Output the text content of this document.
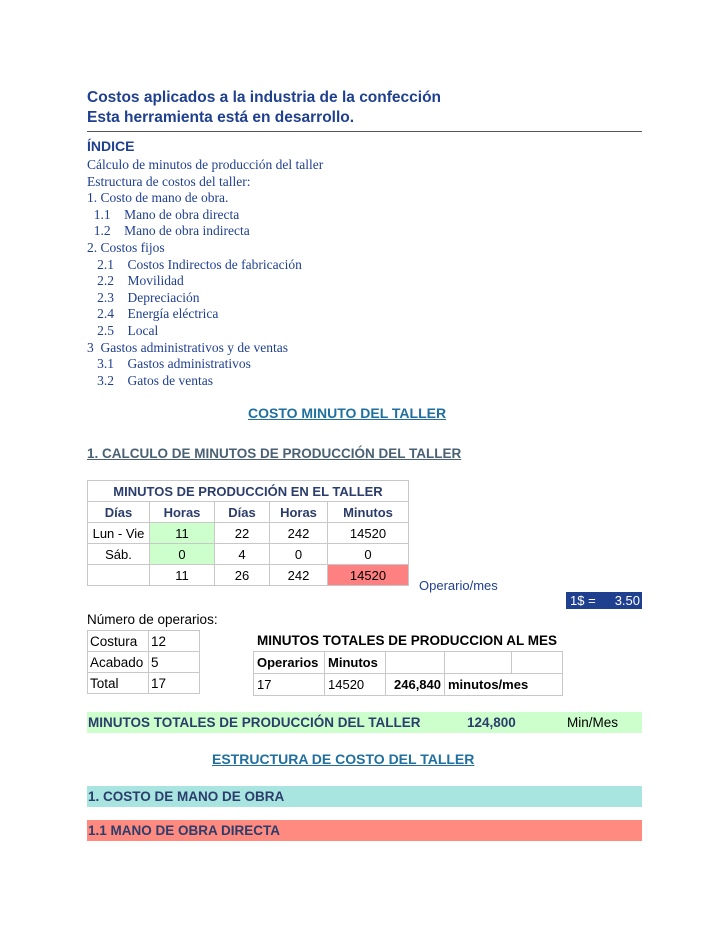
Costos aplicados a la industria de la confección
Esta herramienta está en desarrollo.
ÍNDICE
Cálculo de minutos de producción del taller
Estructura de costos del taller:
1. Costo de mano de obra.
1.1    Mano de obra directa
1.2    Mano de obra indirecta
2. Costos fijos
2.1    Costos Indirectos de fabricación
2.2    Movilidad
2.3    Depreciación
2.4    Energía eléctrica
2.5    Local
3  Gastos administrativos y de ventas
3.1    Gastos administrativos
3.2    Gatos de ventas
COSTO MINUTO DEL TALLER
1. CALCULO DE MINUTOS DE PRODUCCIÓN DEL TALLER
MINUTOS DE PRODUCCIÓN EN EL TALLER				
Días	Horas	Días	Horas	Minutos
Lun - Vie	11	22	242	14520
Sáb.	0	4	0	0
	11	26	242	14520
Operario/mes
1$ = 3.50
Número de operarios:
Costura	12
Acabado	5
Total	17
MINUTOS TOTALES DE PRODUCCION AL MES
Operarios	Minutos			
17	14520	246,840	minutos/mes	
MINUTOS TOTALES DE PRODUCCIÓN DEL TALLER	124,800	Min/Mes
ESTRUCTURA DE COSTO DEL TALLER
1. COSTO DE MANO DE OBRA
1.1 MANO DE OBRA DIRECTA
